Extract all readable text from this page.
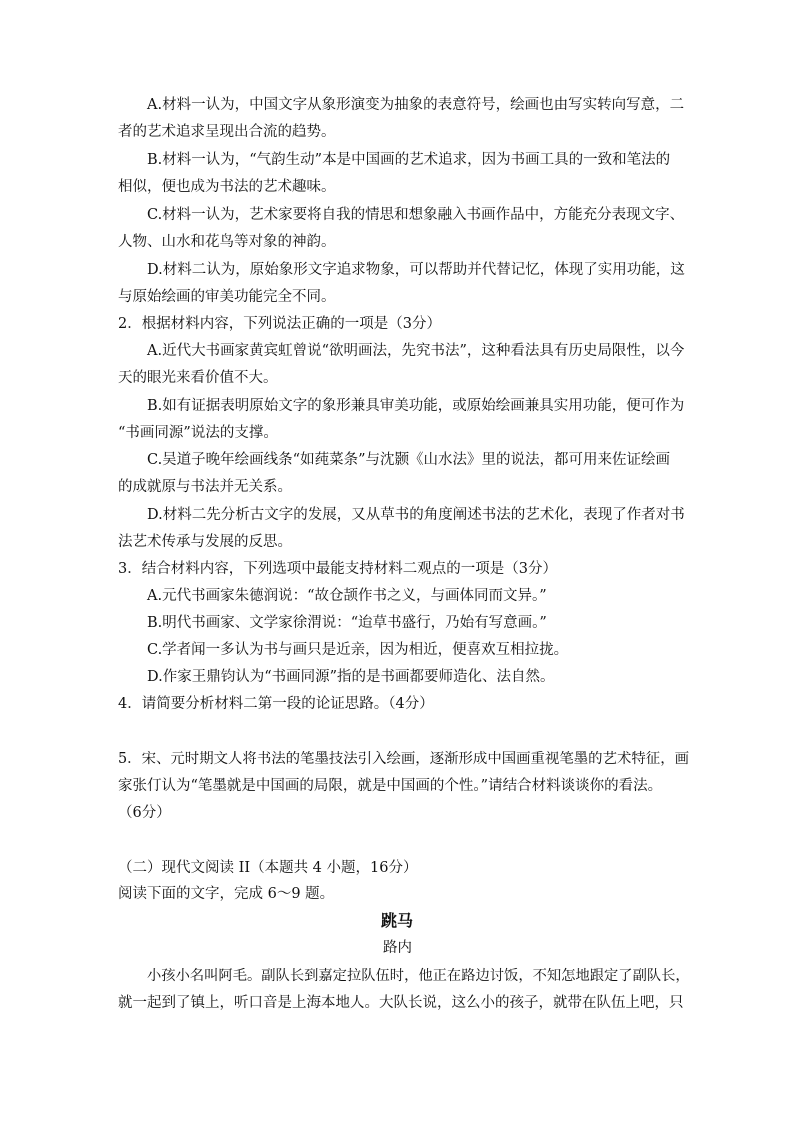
A.材料一认为，中国文字从象形演变为抽象的表意符号，绘画也由写实转向写意，二
者的艺术追求呈现出合流的趋势。
B.材料一认为，“气韵生动”本是中国画的艺术追求，因为书画工具的一致和笔法的
相似，便也成为书法的艺术趣味。
C.材料一认为，艺术家要将自我的情思和想象融入书画作品中，方能充分表现文字、
人物、山水和花鸟等对象的神韵。
D.材料二认为，原始象形文字追求物象，可以帮助并代替记忆，体现了实用功能，这
与原始绘画的审美功能完全不同。
2．根据材料内容，下列说法正确的一项是（3分）
A.近代大书画家黄宾虹曾说“欲明画法，先究书法”，这种看法具有历史局限性，以今
天的眼光来看价值不大。
B.如有证据表明原始文字的象形兼具审美功能，或原始绘画兼具实用功能，便可作为
“书画同源”说法的支撑。
C.吴道子晚年绘画线条“如莼菜条”与沈颢《山水法》里的说法，都可用来佐证绘画
的成就原与书法并无关系。
D.材料二先分析古文字的发展，又从草书的角度阐述书法的艺术化，表现了作者对书
法艺术传承与发展的反思。
3．结合材料内容，下列选项中最能支持材料二观点的一项是（3分）
A.元代书画家朱德润说：“故仓颉作书之义，与画体同而文异。”
B.明代书画家、文学家徐渭说：“迨草书盛行，乃始有写意画。”
C.学者闻一多认为书与画只是近亲，因为相近，便喜欢互相拉拢。
D.作家王鼎钧认为“书画同源”指的是书画都要师造化、法自然。
4．请简要分析材料二第一段的论证思路。（4分）
5．宋、元时期文人将书法的笔墨技法引入绘画，逐渐形成中国画重视笔墨的艺术特征，画
家张仃认为“笔墨就是中国画的局限，就是中国画的个性。”请结合材料谈谈你的看法。
（6分）
（二）现代文阅读 II（本题共 4 小题，16分）
阅读下面的文字，完成 6～9 题。
跳马
路内
小孩小名叫阿毛。副队长到嘉定拉队伍时，他正在路边讨饭，不知怎地跟定了副队长，
就一起到了镇上，听口音是上海本地人。大队长说，这么小的孩子，就带在队伍上吧，只
